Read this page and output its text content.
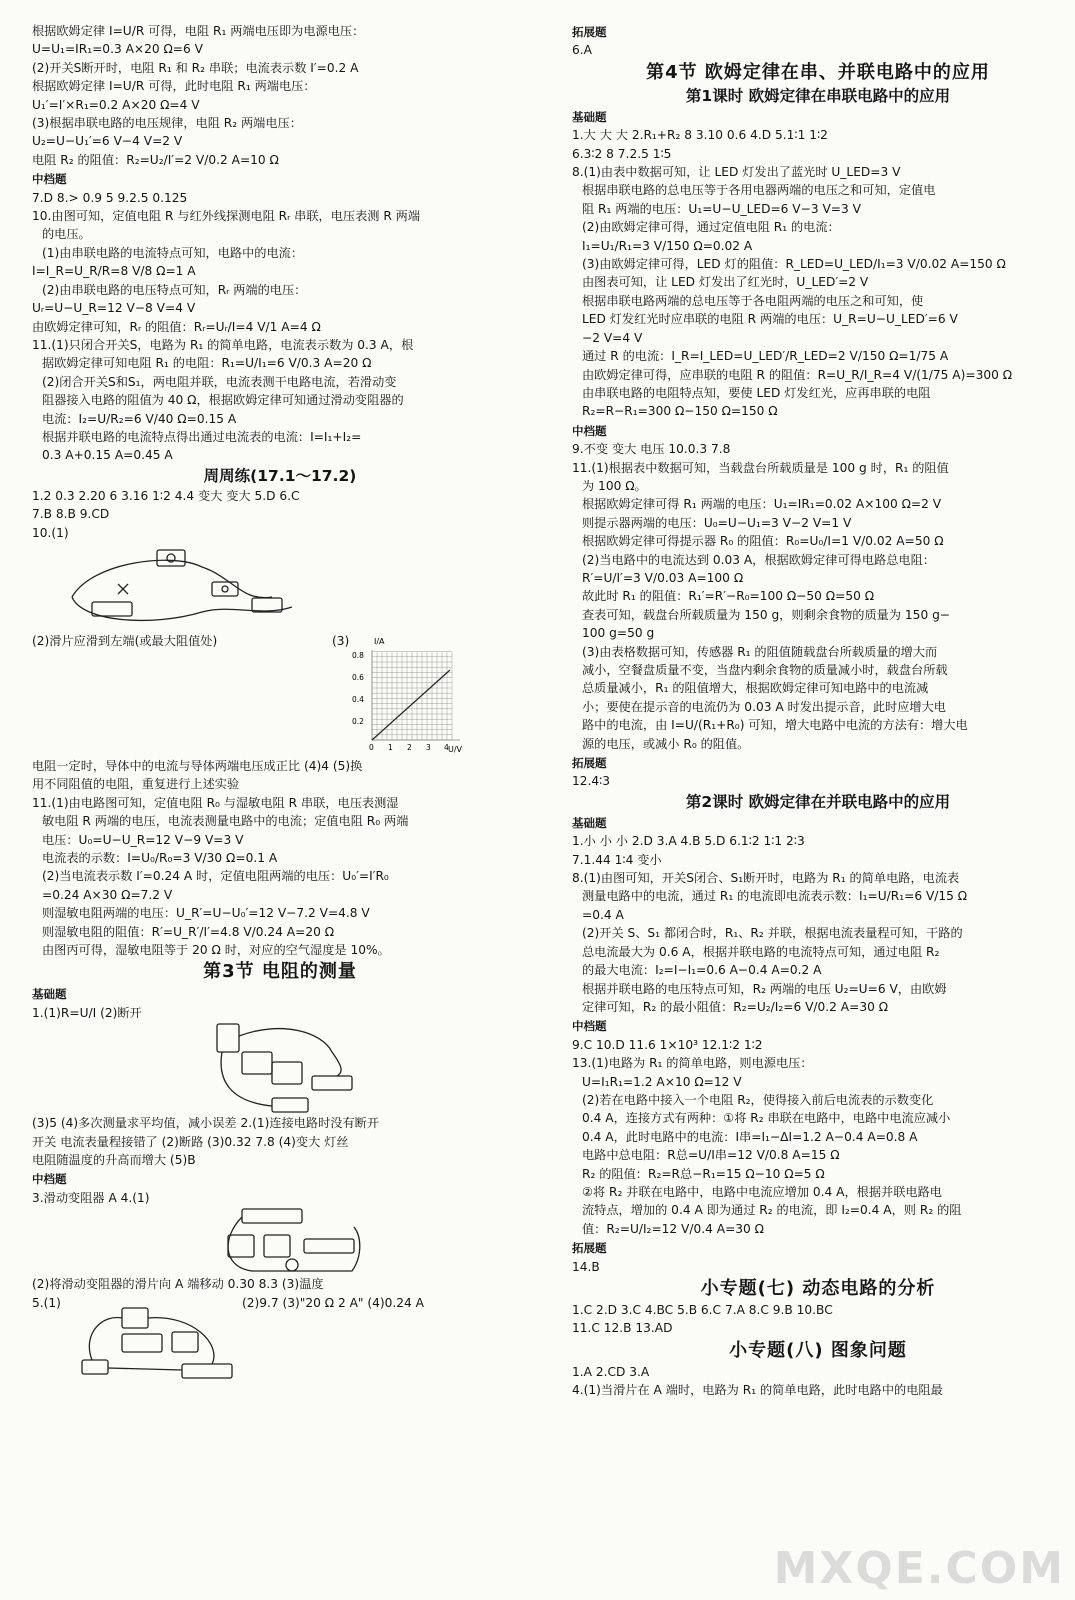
根据欧姆定律 I=U/R 可得，电阻 R₁ 两端电压即为电源电压：
U=U₁=IR₁=0.3 A×20 Ω=6 V
(2)开关S断开时，电阻 R₁ 和 R₂ 串联；电流表示数 I′=0.2 A
根据欧姆定律 I=U/R 可得，此时电阻 R₁ 两端电压：
U₁′=I′×R₁=0.2 A×20 Ω=4 V
(3)根据串联电路的电压规律，电阻 R₂ 两端电压：
U₂=U−U₁′=6 V−4 V=2 V
电阻 R₂ 的阻值：R₂=U₂/I′=2 V/0.2 A=10 Ω
中档题
7.D 8.> 0.9 5 9.2.5 0.125
10.由图可知，定值电阻 R 与红外线探测电阻 Rᵣ 串联，电压表测 R 两端
的电压。
(1)由串联电路的电流特点可知，电路中的电流：
I=I_R=U_R/R=8 V/8 Ω=1 A
(2)由串联电路的电压特点可知，Rᵣ 两端的电压：
Uᵣ=U−U_R=12 V−8 V=4 V
由欧姆定律可知，Rᵣ 的阻值：Rᵣ=Uᵣ/I=4 V/1 A=4 Ω
11.(1)只闭合开关S，电路为 R₁ 的简单电路，电流表示数为 0.3 A，根
据欧姆定律可知电阻 R₁ 的电阻：R₁=U/I₁=6 V/0.3 A=20 Ω
(2)闭合开关S和S₁，两电阻并联，电流表测干电路电流，若滑动变
阻器接入电路的阻值为 40 Ω，根据欧姆定律可知通过滑动变阻器的
电流：I₂=U/R₂=6 V/40 Ω=0.15 A
根据并联电路的电流特点得出通过电流表的电流：I=I₁+I₂=
0.3 A+0.15 A=0.45 A
周周练(17.1～17.2)
1.2 0.3 2.20 6 3.16 1∶2 4.4 变大 变大 5.D 6.C
7.B 8.B 9.CD
10.(1)
(2)滑片应滑到左端(或最大阻值处)	(3)	I/A
U/V
0.8
0.6
0.4
0.2
0 1 2 3 4
电阻一定时，导体中的电流与导体两端电压成正比 (4)4 (5)换
用不同阻值的电阻，重复进行上述实验
11.(1)由电路图可知，定值电阻 R₀ 与湿敏电阻 R 串联，电压表测湿
敏电阻 R 两端的电压，电流表测量电路中的电流；定值电阻 R₀ 两端
电压：U₀=U−U_R=12 V−9 V=3 V
电流表的示数：I=U₀/R₀=3 V/30 Ω=0.1 A
(2)当电流表示数 I′=0.24 A 时，定值电阻两端的电压：U₀′=I′R₀
=0.24 A×30 Ω=7.2 V
则湿敏电阻两端的电压：U_R′=U−U₀′=12 V−7.2 V=4.8 V
则湿敏电阻的阻值：R′=U_R′/I′=4.8 V/0.24 A=20 Ω
由图丙可得，湿敏电阻等于 20 Ω 时，对应的空气湿度是 10%。
第3节 电阻的测量
基础题
1.(1)R=U/I (2)断开
(3)5 (4)多次测量求平均值，减小误差 2.(1)连接电路时没有断开
开关 电流表量程接错了 (2)断路 (3)0.32 7.8 (4)变大 灯丝
电阻随温度的升高而增大 (5)B
中档题
3.滑动变阻器 A 4.(1)
(2)将滑动变阻器的滑片向 A 端移动 0.30 8.3 (3)温度
5.(1)	(2)9.7 (3)"20 Ω 2 A" (4)0.24 A
拓展题
6.A
第4节 欧姆定律在串、并联电路中的应用
第1课时 欧姆定律在串联电路中的应用
基础题
1.大 大 大 2.R₁+R₂ 8 3.10 0.6 4.D 5.1∶1 1∶2
6.3∶2 8 7.2.5 1∶5
8.(1)由表中数据可知，让 LED 灯发出了蓝光时 U_LED=3 V
根据串联电路的总电压等于各用电器两端的电压之和可知，定值电
阻 R₁ 两端的电压：U₁=U−U_LED=6 V−3 V=3 V
(2)由欧姆定律可得，通过定值电阻 R₁ 的电流：
I₁=U₁/R₁=3 V/150 Ω=0.02 A
(3)由欧姆定律可得，LED 灯的阻值：R_LED=U_LED/I₁=3 V/0.02 A=150 Ω
由图表可知，让 LED 灯发出了红光时，U_LED′=2 V
根据串联电路两端的总电压等于各电阻两端的电压之和可知，使
LED 灯发红光时应串联的电阻 R 两端的电压：U_R=U−U_LED′=6 V
−2 V=4 V
通过 R 的电流：I_R=I_LED=U_LED′/R_LED=2 V/150 Ω=1/75 A
由欧姆定律可得，应串联的电阻 R 的阻值：R=U_R/I_R=4 V/(1/75 A)=300 Ω
由串联电路的电阻特点知，要使 LED 灯发红光，应再串联的电阻
R₂=R−R₁=300 Ω−150 Ω=150 Ω
中档题
9.不变 变大 电压 10.0.3 7.8
11.(1)根据表中数据可知，当载盘台所载质量是 100 g 时，R₁ 的阻值
为 100 Ω。
根据欧姆定律可得 R₁ 两端的电压：U₁=IR₁=0.02 A×100 Ω=2 V
则提示器两端的电压：U₀=U−U₁=3 V−2 V=1 V
根据欧姆定律可得提示器 R₀ 的阻值：R₀=U₀/I=1 V/0.02 A=50 Ω
(2)当电路中的电流达到 0.03 A，根据欧姆定律可得电路总电阻：
R′=U/I′=3 V/0.03 A=100 Ω
故此时 R₁ 的阻值：R₁′=R′−R₀=100 Ω−50 Ω=50 Ω
查表可知，载盘台所载质量为 150 g，则剩余食物的质量为 150 g−
100 g=50 g
(3)由表格数据可知，传感器 R₁ 的阻值随载盘台所载质量的增大而
减小，空餐盘质量不变，当盘内剩余食物的质量减小时，载盘台所载
总质量减小，R₁ 的阻值增大，根据欧姆定律可知电路中的电流减
小；要使在提示音的电流仍为 0.03 A 时发出提示音，此时应增大电
路中的电流，由 I=U/(R₁+R₀) 可知，增大电路中电流的方法有：增大电
源的电压，或减小 R₀ 的阻值。
拓展题
12.4∶3
第2课时 欧姆定律在并联电路中的应用
基础题
1.小 小 小 2.D 3.A 4.B 5.D 6.1∶2 1∶1 2∶3
7.1.44 1∶4 变小
8.(1)由图可知，开关S闭合、S₁断开时，电路为 R₁ 的简单电路，电流表
测量电路中的电流，通过 R₁ 的电流即电流表示数：I₁=U/R₁=6 V/15 Ω
=0.4 A
(2)开关 S、S₁ 都闭合时，R₁、R₂ 并联，根据电流表量程可知，干路的
总电流最大为 0.6 A，根据并联电路的电流特点可知，通过电阻 R₂
的最大电流：I₂=I−I₁=0.6 A−0.4 A=0.2 A
根据并联电路的电压特点可知，R₂ 两端的电压 U₂=U=6 V，由欧姆
定律可知，R₂ 的最小阻值：R₂=U₂/I₂=6 V/0.2 A=30 Ω
中档题
9.C 10.D 11.6 1×10³ 12.1∶2 1∶2
13.(1)电路为 R₁ 的简单电路，则电源电压：
U=I₁R₁=1.2 A×10 Ω=12 V
(2)若在电路中接入一个电阻 R₂，使得接入前后电流表的示数变化
0.4 A，连接方式有两种：①将 R₂ 串联在电路中，电路中电流应减小
0.4 A，此时电路中的电流：I串=I₁−ΔI=1.2 A−0.4 A=0.8 A
电路中总电阻：R总=U/I串=12 V/0.8 A=15 Ω
R₂ 的阻值：R₂=R总−R₁=15 Ω−10 Ω=5 Ω
②将 R₂ 并联在电路中，电路中电流应增加 0.4 A，根据并联电路电
流特点，增加的 0.4 A 即为通过 R₂ 的电流，即 I₂=0.4 A，则 R₂ 的阻
值：R₂=U/I₂=12 V/0.4 A=30 Ω
拓展题
14.B
小专题(七) 动态电路的分析
1.C 2.D 3.C 4.BC 5.B 6.C 7.A 8.C 9.B 10.BC
11.C 12.B 13.AD
小专题(八) 图象问题
1.A 2.CD 3.A
4.(1)当滑片在 A 端时，电路为 R₁ 的简单电路，此时电路中的电阻最
MXQE.COM
